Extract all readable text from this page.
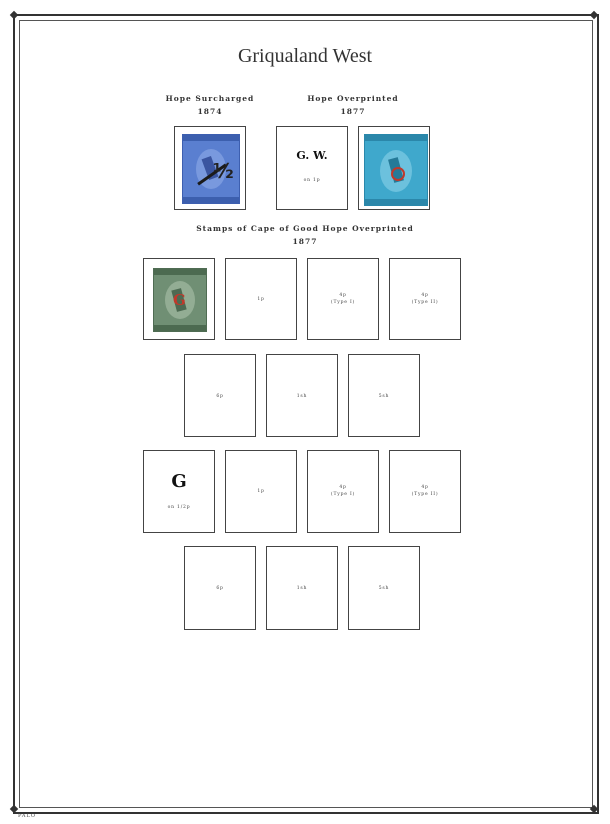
Griqualand West
Hope Surcharged
1874
Hope Overprinted
1877
½
G. W.
on 1p
Stamps of Cape of Good Hope Overprinted
1877
G	1p
4p
(Type I)
4p
(Type II)
6p	1sh	5sh
G
on 1/2p
1p
4p
(Type I)
4p
(Type II)
6p	1sh	5sh
PALO
